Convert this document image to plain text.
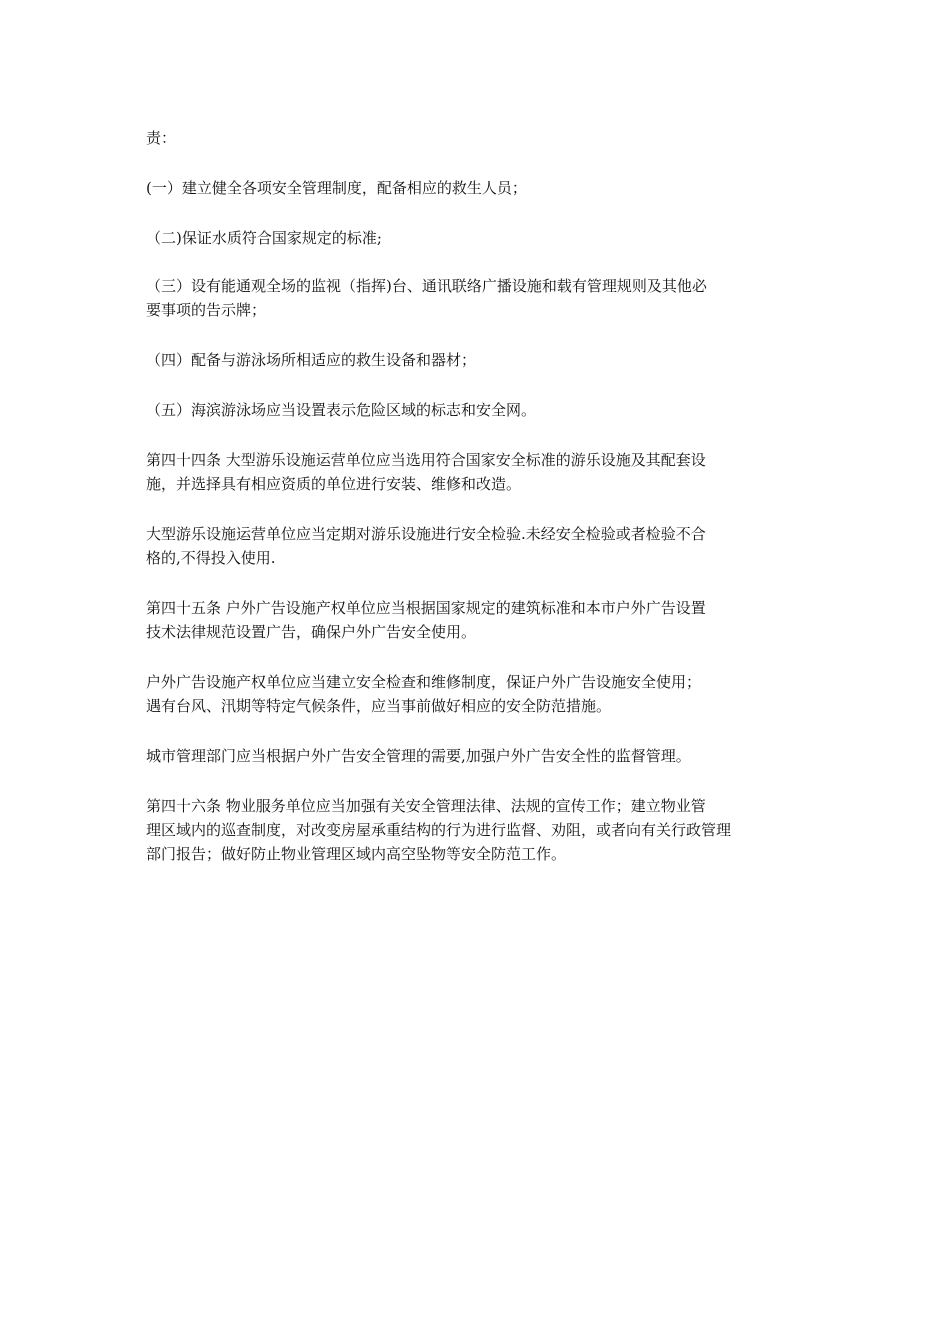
责：
(一）建立健全各项安全管理制度，配备相应的救生人员；
（二)保证水质符合国家规定的标准;
（三）设有能通观全场的监视（指挥)台、通讯联络广播设施和载有管理规则及其他必
要事项的告示牌；
（四）配备与游泳场所相适应的救生设备和器材；
（五）海滨游泳场应当设置表示危险区域的标志和安全网。
第四十四条 大型游乐设施运营单位应当选用符合国家安全标准的游乐设施及其配套设
施，并选择具有相应资质的单位进行安装、维修和改造。
大型游乐设施运营单位应当定期对游乐设施进行安全检验.未经安全检验或者检验不合
格的,不得投入使用.
第四十五条 户外广告设施产权单位应当根据国家规定的建筑标准和本市户外广告设置
技术法律规范设置广告，确保户外广告安全使用。
户外广告设施产权单位应当建立安全检查和维修制度，保证户外广告设施安全使用；
遇有台风、汛期等特定气候条件，应当事前做好相应的安全防范措施。
城市管理部门应当根据户外广告安全管理的需要,加强户外广告安全性的监督管理。
第四十六条 物业服务单位应当加强有关安全管理法律、法规的宣传工作；建立物业管
理区域内的巡查制度，对改变房屋承重结构的行为进行监督、劝阻，或者向有关行政管理
部门报告；做好防止物业管理区域内高空坠物等安全防范工作。
